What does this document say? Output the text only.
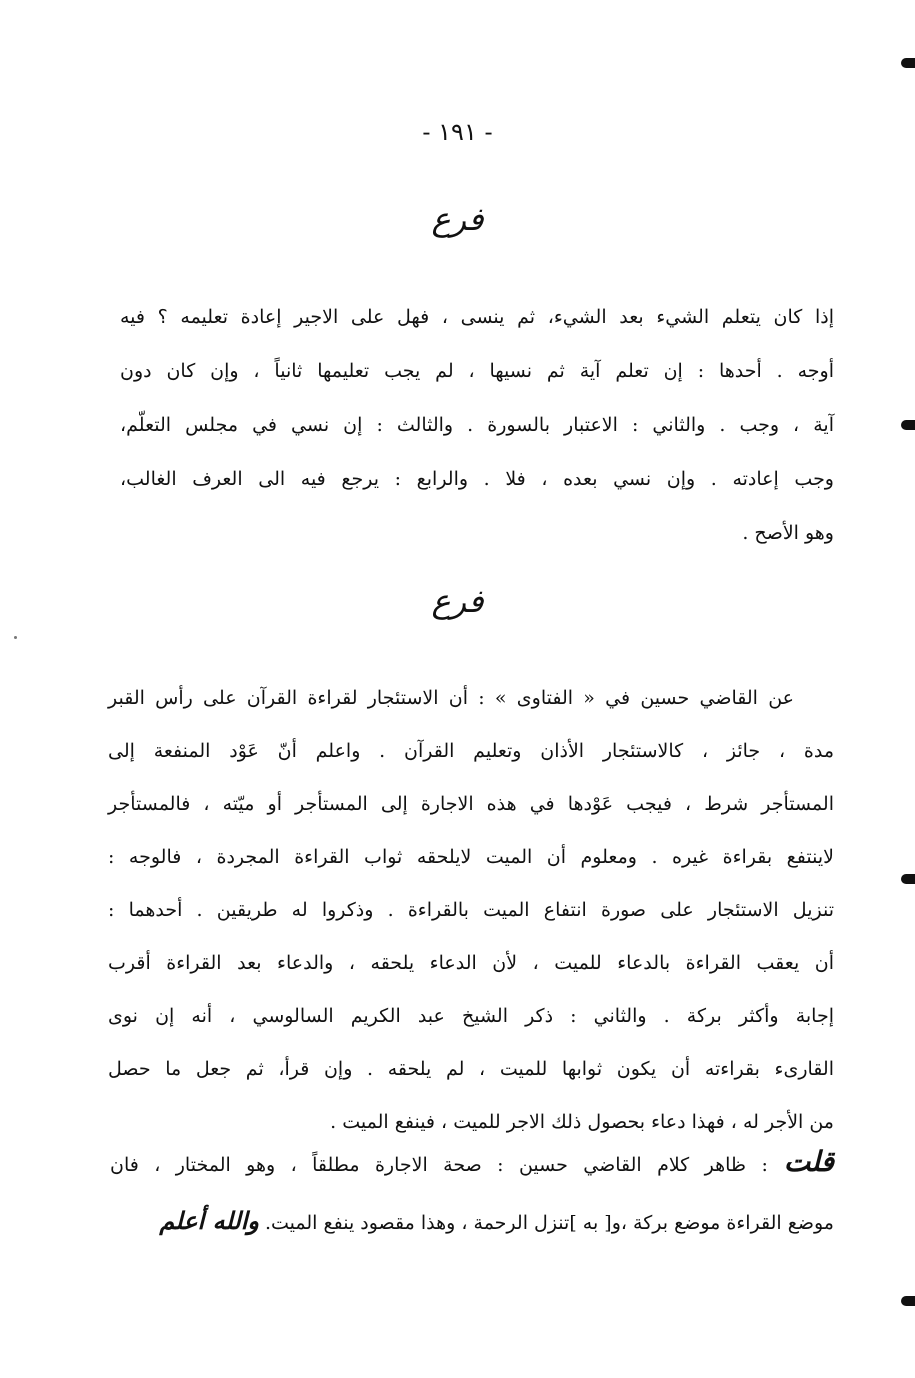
- ١٩١ -
فرع
إذا كان يتعلم الشيء بعد الشيء، ثم ينسى ، فهل على الاجير إعادة تعليمه ؟ فيه
أوجه . أحدها : إن تعلم آية ثم نسيها ، لم يجب تعليمها ثانياً ، وإن كان دون
آية ، وجب . والثاني : الاعتبار بالسورة . والثالث : إن نسي في مجلس التعلّم،
وجب إعادته . وإن نسي بعده ، فلا . والرابع : يرجع فيه الى العرف الغالب،
وهو الأصح .
فرع
عن القاضي حسين في « الفتاوى » : أن الاستئجار لقراءة القرآن على رأس القبر
مدة ، جائز ، كالاستئجار الأذان وتعليم القرآن . واعلم أنّ عَوْد المنفعة إلى
المستأجر شرط ، فيجب عَوْدها في هذه الاجارة إلى المستأجر أو ميّته ، فالمستأجر
لاينتفع بقراءة غيره . ومعلوم أن الميت لايلحقه ثواب القراءة المجردة ، فالوجه :
تنزيل الاستئجار على صورة انتفاع الميت بالقراءة . وذكروا له طريقين . أحدهما :
أن يعقب القراءة بالدعاء للميت ، لأن الدعاء يلحقه ، والدعاء بعد القراءة أقرب
إجابة وأكثر بركة . والثاني : ذكر الشيخ عبد الكريم السالوسي ، أنه إن نوى
القارىء بقراءته أن يكون ثوابها للميت ، لم يلحقه . وإن قرأ، ثم جعل ما حصل
من الأجر له ، فهذا دعاء بحصول ذلك الاجر للميت ، فينفع الميت .
قلت: ظاهر كلام القاضي حسين : صحة الاجارة مطلقاً ، وهو المختار ، فان
موضع القراءة موضع بركة ،و[ به ]تنزل الرحمة ، وهذا مقصود ينفع الميت.والله أعلم
